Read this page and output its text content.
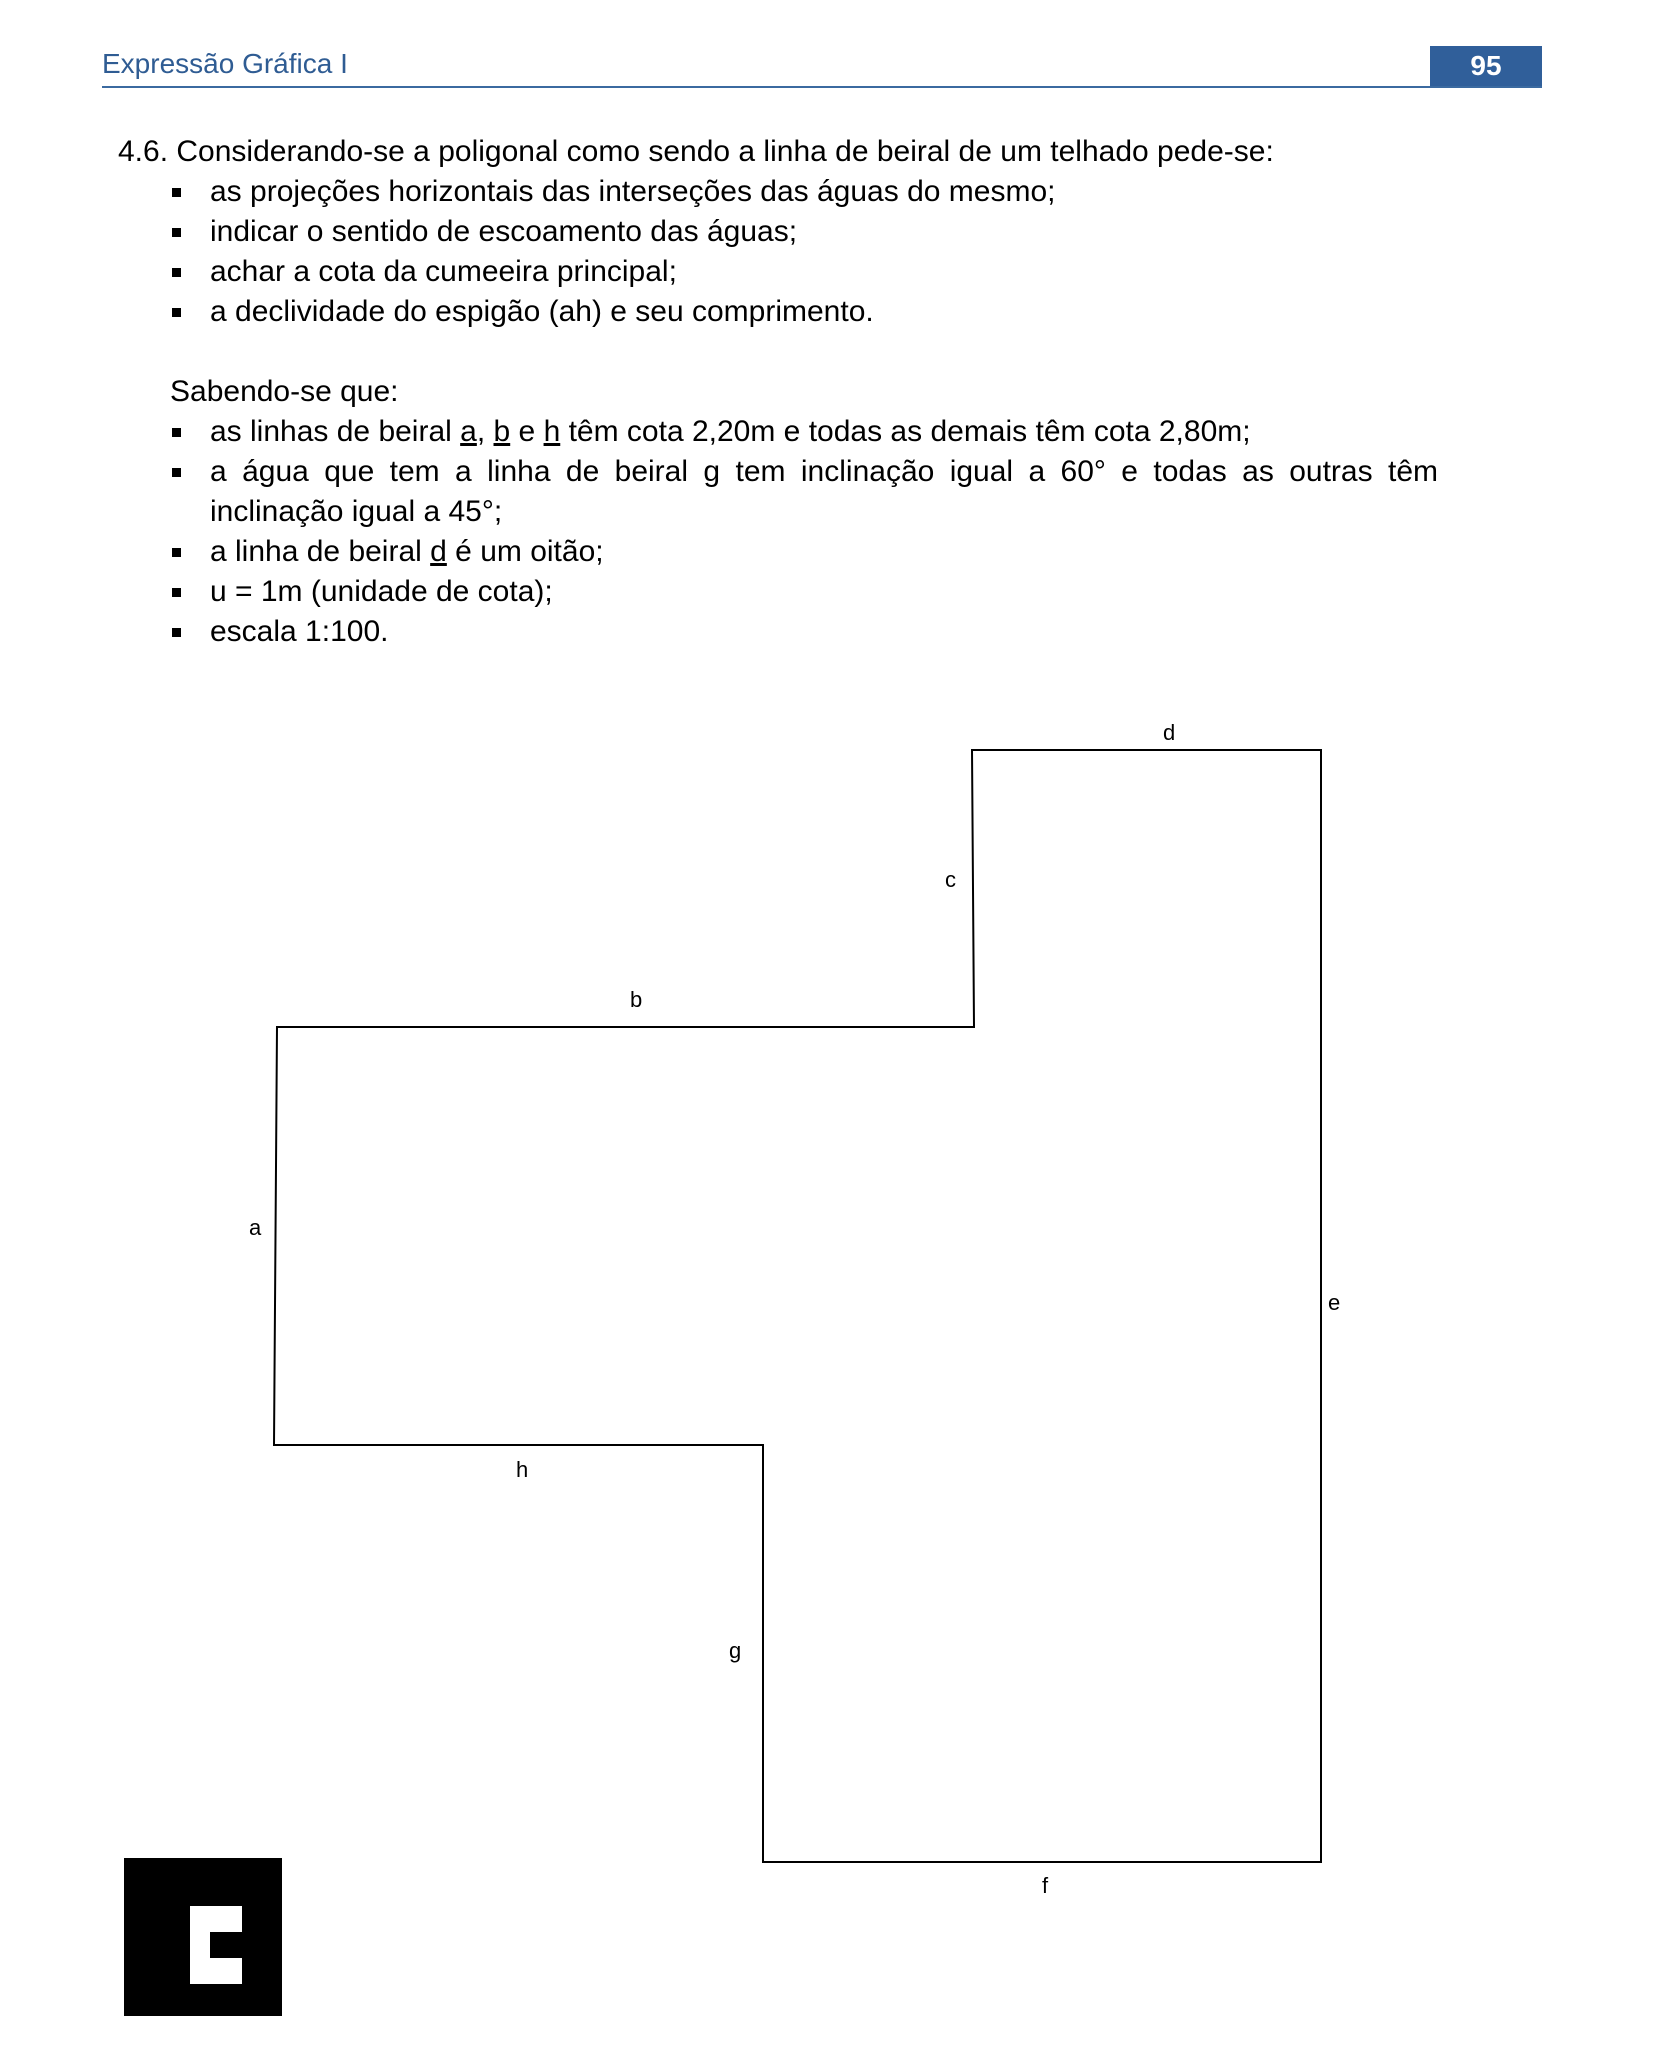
Expressão Gráfica I	95

4.6. Considerando-se a poligonal como sendo a linha de beiral de um telhado pede-se:

as projeções horizontais das interseções das águas do mesmo;
indicar o sentido de escoamento das águas;
achar a cota da cumeeira principal;
a declividade do espigão (ah) e seu comprimento.

Sabendo-se que:

as linhas de beiral a, b e h têm cota 2,20m e todas as demais têm cota 2,80m;
a água que tem a linha de beiral g tem inclinação igual a 60° e todas as outras têm inclinação igual a 45°;
a linha de beiral d é um oitão;
u = 1m (unidade de cota);
escala 1:100.
d
c
b
a
e
h
g
f
